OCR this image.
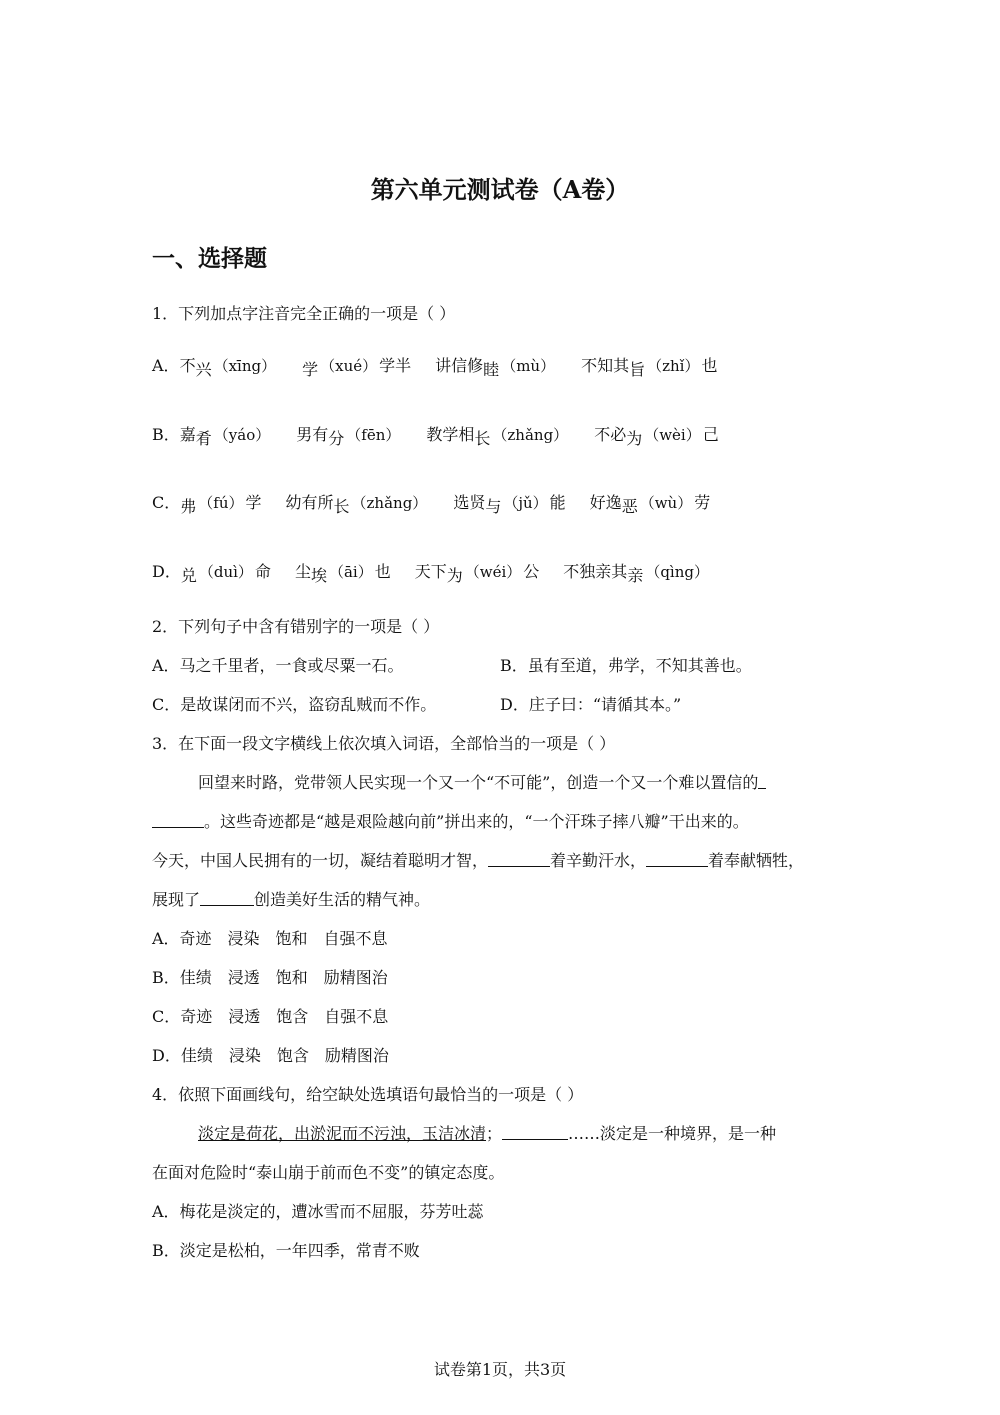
第六单元测试卷（A卷）
一、选择题
1．下列加点字注音完全正确的一项是（ ）
A．不兴 （xīng） 学 （xué） 学半 讲信修睦 （mù） 不知其旨 （zhǐ） 也
B．嘉肴 （yáo） 男有分 （fēn） 教学相长 （zhǎng） 不必为 （wèi） 己
C．弗 （fú） 学 幼有所长 （zhǎng） 选贤与 （jǔ） 能 好逸恶 （wù） 劳
D．兑 （duì） 命 尘埃 （āi） 也 天下为 （wéi） 公 不独亲其亲 （qìng）
2．下列句子中含有错别字的一项是（ ）
A．马之千里者，一食或尽粟一石。	B．虽有至道，弗学，不知其善也。
C．是故谋闭而不兴，盗窃乱贼而不作。	D．庄子曰：“请循其本。”
3．在下面一段文字横线上依次填入词语，全部恰当的一项是（ ）
回望来时路，党带领人民实现一个又一个“不可能”，创造一个又一个难以置信的
。这些奇迹都是“越是艰险越向前”拼出来的，“一个汗珠子摔八瓣”干出来的。
今天，中国人民拥有的一切，凝结着聪明才智，	着辛勤汗水，	着奉献牺牲，
展现了	创造美好生活的精气神。
A．奇迹　浸染　饱和　自强不息
B．佳绩　浸透　饱和　励精图治
C．奇迹　浸透　饱含　自强不息
D．佳绩　浸染　饱含　励精图治
4．依照下面画线句，给空缺处选填语句最恰当的一项是（ ）
淡定是荷花，出淤泥而不污浊，玉洁冰清；	……淡定是一种境界，是一种
在面对危险时“泰山崩于前而色不变”的镇定态度。
A．梅花是淡定的，遭冰雪而不屈服，芬芳吐蕊
B．淡定是松柏，一年四季，常青不败
试卷第1页，共3页
